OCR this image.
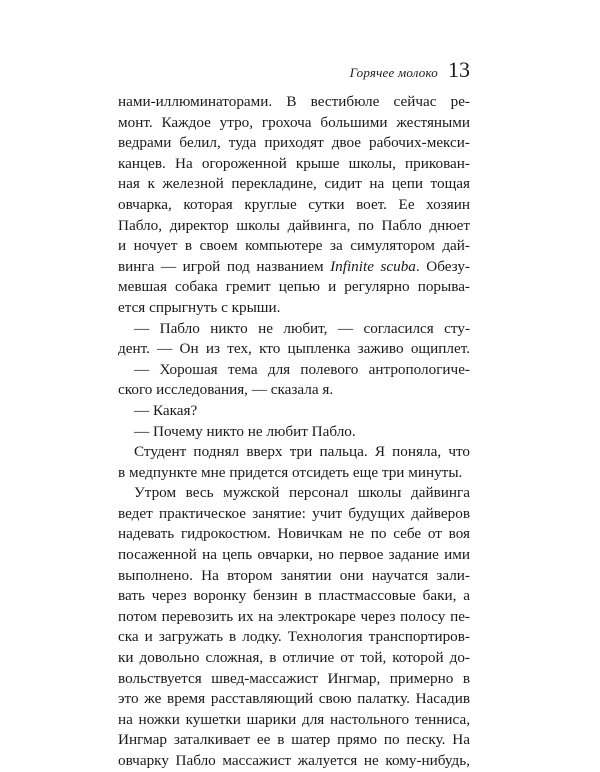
Горячее молоко 13
нами-иллюминаторами. В вестибюле сейчас ре-
монт. Каждое утро, грохоча большими жестяными
ведрами белил, туда приходят двое рабочих-мекси-
канцев. На огороженной крыше школы, прикован-
ная к железной перекладине, сидит на цепи тощая
овчарка, которая круглые сутки воет. Ее хозяин
Пабло, директор школы дайвинга, по Пабло днюет
и ночует в своем компьютере за симулятором дай-
винга — игрой под названием Infinite scuba. Обезу-
мевшая собака гремит цепью и регулярно порыва-
ется спрыгнуть с крыши.
— Пабло никто не любит, — согласился сту-
дент. — Он из тех, кто цыпленка заживо ощиплет.
— Хорошая тема для полевого антропологиче-
ского исследования, — сказала я.
— Какая?
— Почему никто не любит Пабло.
Студент поднял вверх три пальца. Я поняла, что
в медпункте мне придется отсидеть еще три минуты.
Утром весь мужской персонал школы дайвинга
ведет практическое занятие: учит будущих дайверов
надевать гидрокостюм. Новичкам не по себе от воя
посаженной на цепь овчарки, но первое задание ими
выполнено. На втором занятии они научатся зали-
вать через воронку бензин в пластмассовые баки, а
потом перевозить их на электрокаре через полосу пе-
ска и загружать в лодку. Технология транспортиров-
ки довольно сложная, в отличие от той, которой до-
вольствуется швед-массажист Ингмар, примерно в
это же время расставляющий свою палатку. Насадив
на ножки кушетки шарики для настольного тенниса,
Ингмар заталкивает ее в шатер прямо по песку. На
овчарку Пабло массажист жалуется не кому-нибудь,
